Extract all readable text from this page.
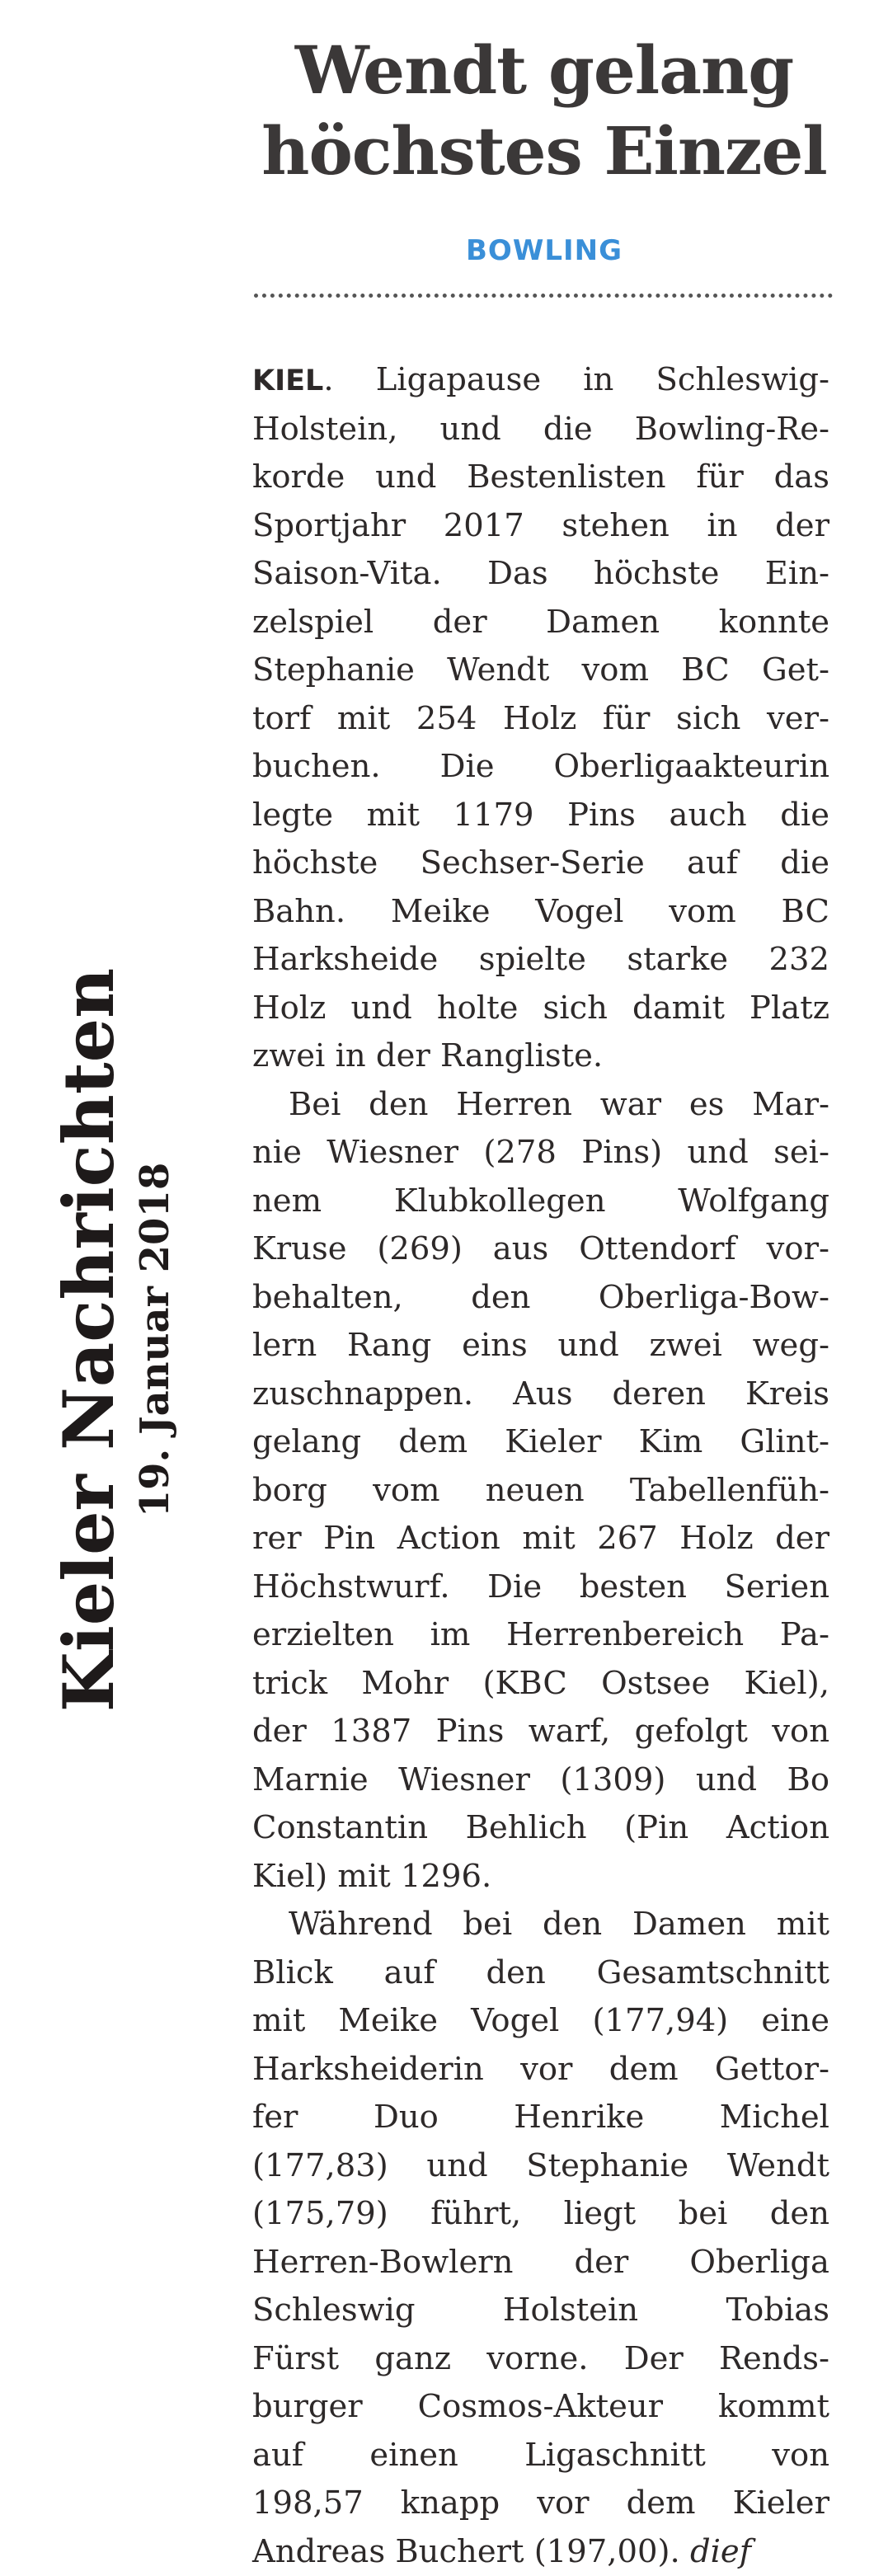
Wendt gelang
höchstes Einzel
BOWLING
Kieler Nachrichten 19. Januar 2018
KIEL. Ligapause in Schleswig-
Holstein, und die Bowling-Re-
korde und Bestenlisten für das
Sportjahr 2017 stehen in der
Saison-Vita. Das höchste Ein-
zelspiel der Damen konnte
Stephanie Wendt vom BC Get-
torf mit 254 Holz für sich ver-
buchen. Die Oberligaakteurin
legte mit 1179 Pins auch die
höchste Sechser-Serie auf die
Bahn. Meike Vogel vom BC
Harksheide spielte starke 232
Holz und holte sich damit Platz
zwei in der Rangliste.
Bei den Herren war es Mar-
nie Wiesner (278 Pins) und sei-
nem Klubkollegen Wolfgang
Kruse (269) aus Ottendorf vor-
behalten, den Oberliga-Bow-
lern Rang eins und zwei weg-
zuschnappen. Aus deren Kreis
gelang dem Kieler Kim Glint-
borg vom neuen Tabellenfüh-
rer Pin Action mit 267 Holz der
Höchstwurf. Die besten Serien
erzielten im Herrenbereich Pa-
trick Mohr (KBC Ostsee Kiel),
der 1387 Pins warf, gefolgt von
Marnie Wiesner (1309) und Bo
Constantin Behlich (Pin Action
Kiel) mit 1296.
Während bei den Damen mit
Blick auf den Gesamtschnitt
mit Meike Vogel (177,94) eine
Harksheiderin vor dem Gettor-
fer Duo Henrike Michel
(177,83) und Stephanie Wendt
(175,79) führt, liegt bei den
Herren-Bowlern der Oberliga
Schleswig Holstein Tobias
Fürst ganz vorne. Der Rends-
burger Cosmos-Akteur kommt
auf einen Ligaschnitt von
198,57 knapp vor dem Kieler
Andreas Buchert (197,00). dief
